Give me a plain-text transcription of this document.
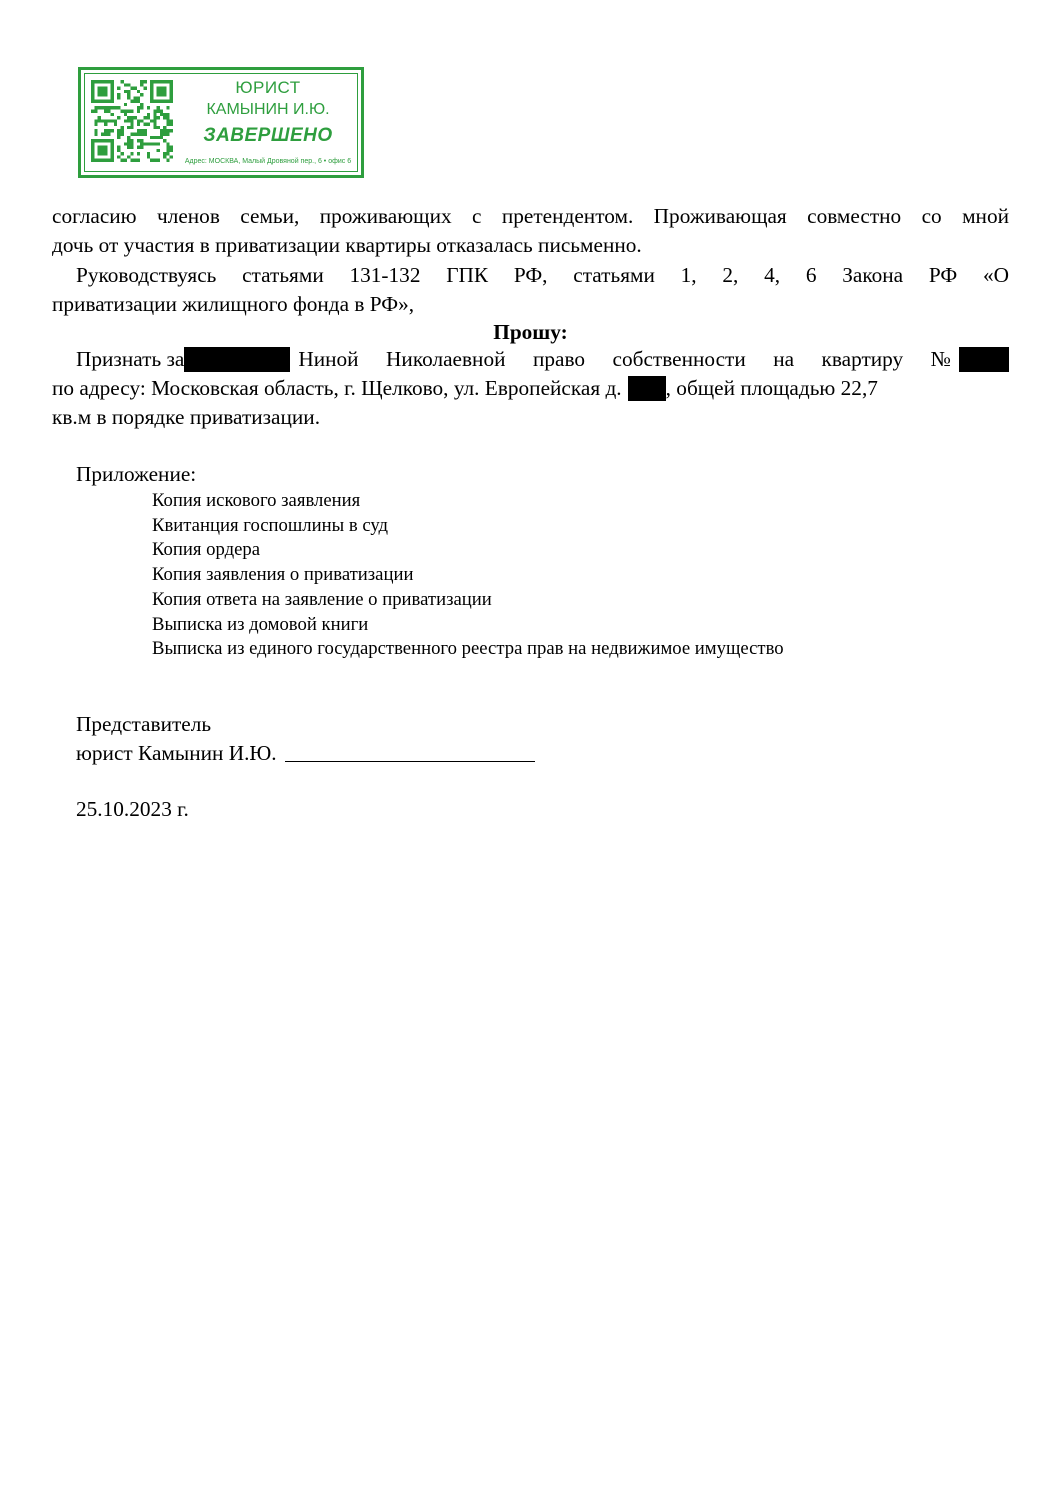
ЮРИСТ
КАМЫНИН И.Ю.
ЗАВЕРШЕНО
Адрес: МОСКВА, Малый Дровяной пер., 6 • офис 6
согласию членов семьи, проживающих с претендентом. Проживающая совместно со мной
дочь от участия в приватизации квартиры отказалась письменно.
Руководствуясь статьями 131-132 ГПК РФ, статьями 1, 2, 4, 6 Закона РФ «О
приватизации жилищного фонда в РФ»,
Прошу:
Признать за	Ниной Николаевной право собственности на квартиру №
по адресу: Московская область, г. Щелково, ул. Европейская д. , общей площадью 22,7
кв.м в порядке приватизации.
Приложение:
Копия искового заявления
Квитанция госпошлины в суд
Копия ордера
Копия заявления о приватизации
Копия ответа на заявление о приватизации
Выписка из домовой книги
Выписка из единого государственного реестра прав на недвижимое имущество
Представитель
юрист Камынин И.Ю.
25.10.2023 г.
